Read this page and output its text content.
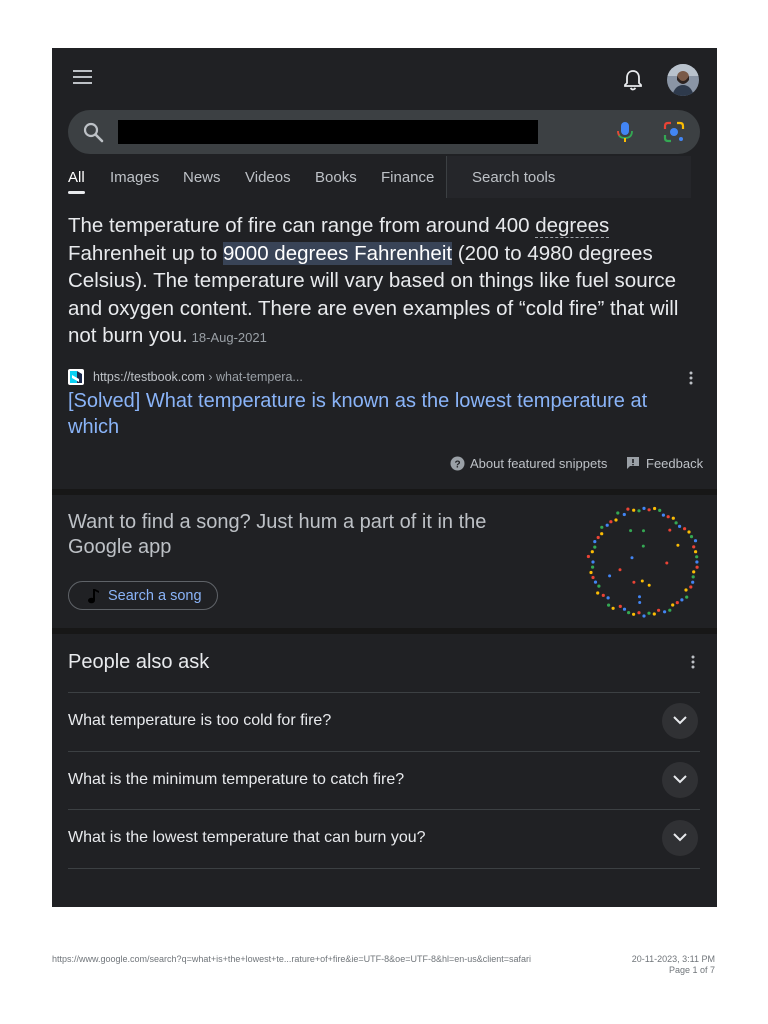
All Images News Videos Books Finance	Search tools

The temperature of fire can range from around 400 degrees Fahrenheit up to 9000 degrees Fahrenheit (200 to 4980 degrees Celsius). The temperature will vary based on things like fuel source and oxygen content. There are even examples of “cold fire” that will not burn you. 18-Aug-2021

https://testbook.com › what-tempera...
[Solved] What temperature is known as the lowest temperature at which
? About featured snippets	Feedback
Want to find a song? Just hum a part of it in the Google app
Search a song
People also ask
What temperature is too cold for fire?
What is the minimum temperature to catch fire?
What is the lowest temperature that can burn you?
https://www.google.com/search?q=what+is+the+lowest+te...rature+of+fire&ie=UTF-8&oe=UTF-8&hl=en-us&client=safari	20-11-2023, 3:11 PM
Page 1 of 7
